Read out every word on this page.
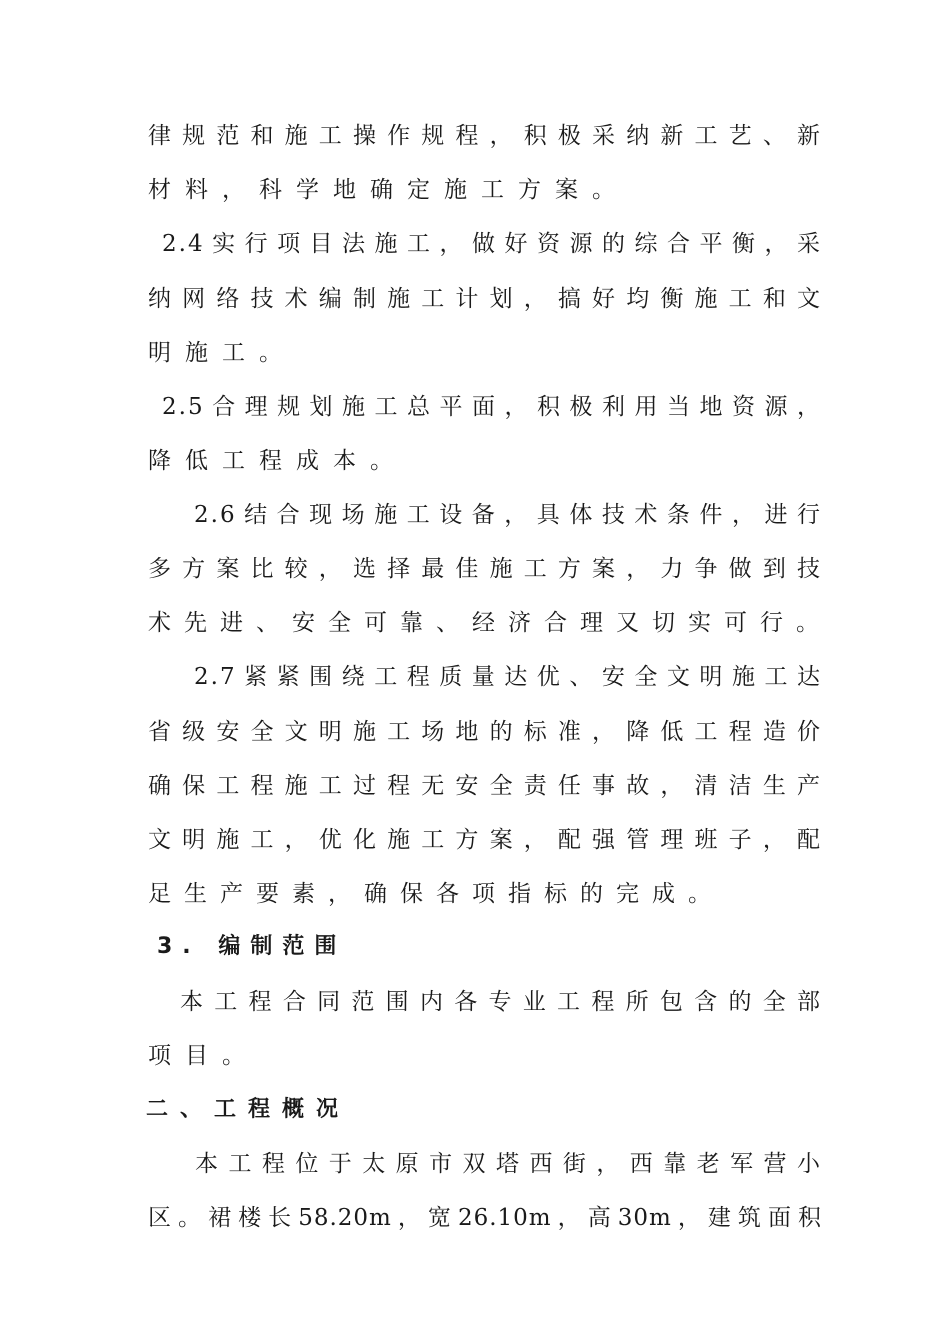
律规范和施工操作规程，积极采纳新工艺、新
材料，科学地确定施工方案。
2.4实行项目法施工，做好资源的综合平衡，采
纳网络技术编制施工计划，搞好均衡施工和文
明施工。
2.5合理规划施工总平面，积极利用当地资源，
降低工程成本。
2.6结合现场施工设备，具体技术条件，进行
多方案比较，选择最佳施工方案，力争做到技
术先进、安全可靠、经济合理又切实可行。
2.7紧紧围绕工程质量达优、安全文明施工达
省级安全文明施工场地的标准，降低工程造价
确保工程施工过程无安全责任事故，清洁生产
文明施工，优化施工方案，配强管理班子，配
足生产要素，确保各项指标的完成。
3. 编制范围
本工程合同范围内各专业工程所包含的全部
项目。
二、工程概况
本工程位于太原市双塔西街，西靠老军营小
区。裙楼长58.20m，宽26.10m，高30m，建筑面积
